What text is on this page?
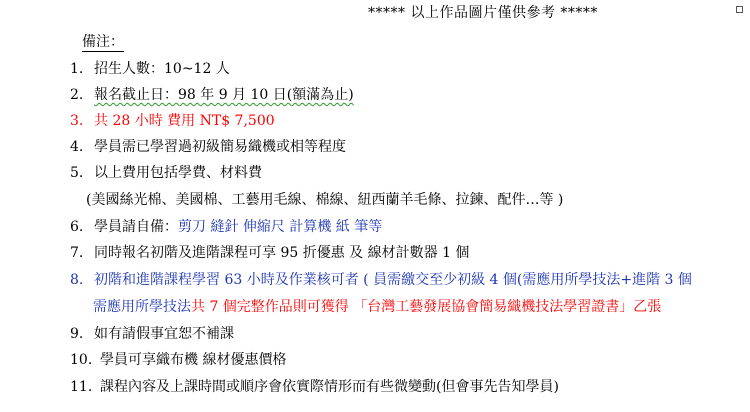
***** 以上作品圖片僅供參考 *****
備注：
1. 招生人數：10~12 人
2. 報名截止日：98 年 9 月 10 日(額滿為止)
3. 共 28 小時 費用 NT$ 7,500
4. 學員需已學習過初級簡易織機或相等程度
5. 以上費用包括學費、材料費
(美國絲光棉、美國棉、工藝用毛線、棉線、紐西蘭羊毛條、拉鍊、配件…等 )
6. 學員請自備：剪刀 縫針 伸縮尺 計算機 紙 筆等
7. 同時報名初階及進階課程可享 95 折優惠 及 線材計數器 1 個
8. 初階和進階課程學習 63 小時及作業核可者 ( 員需繳交至少初級 4 個(需應用所學技法+進階 3 個
需應用所學技法共 7 個完整作品則可獲得 「台灣工藝發展協會簡易織機技法學習證書」乙張
9. 如有請假事宜恕不補課
10. 學員可享織布機 線材優惠價格
11. 課程內容及上課時間或順序會依實際情形而有些微變動(但會事先告知學員)
